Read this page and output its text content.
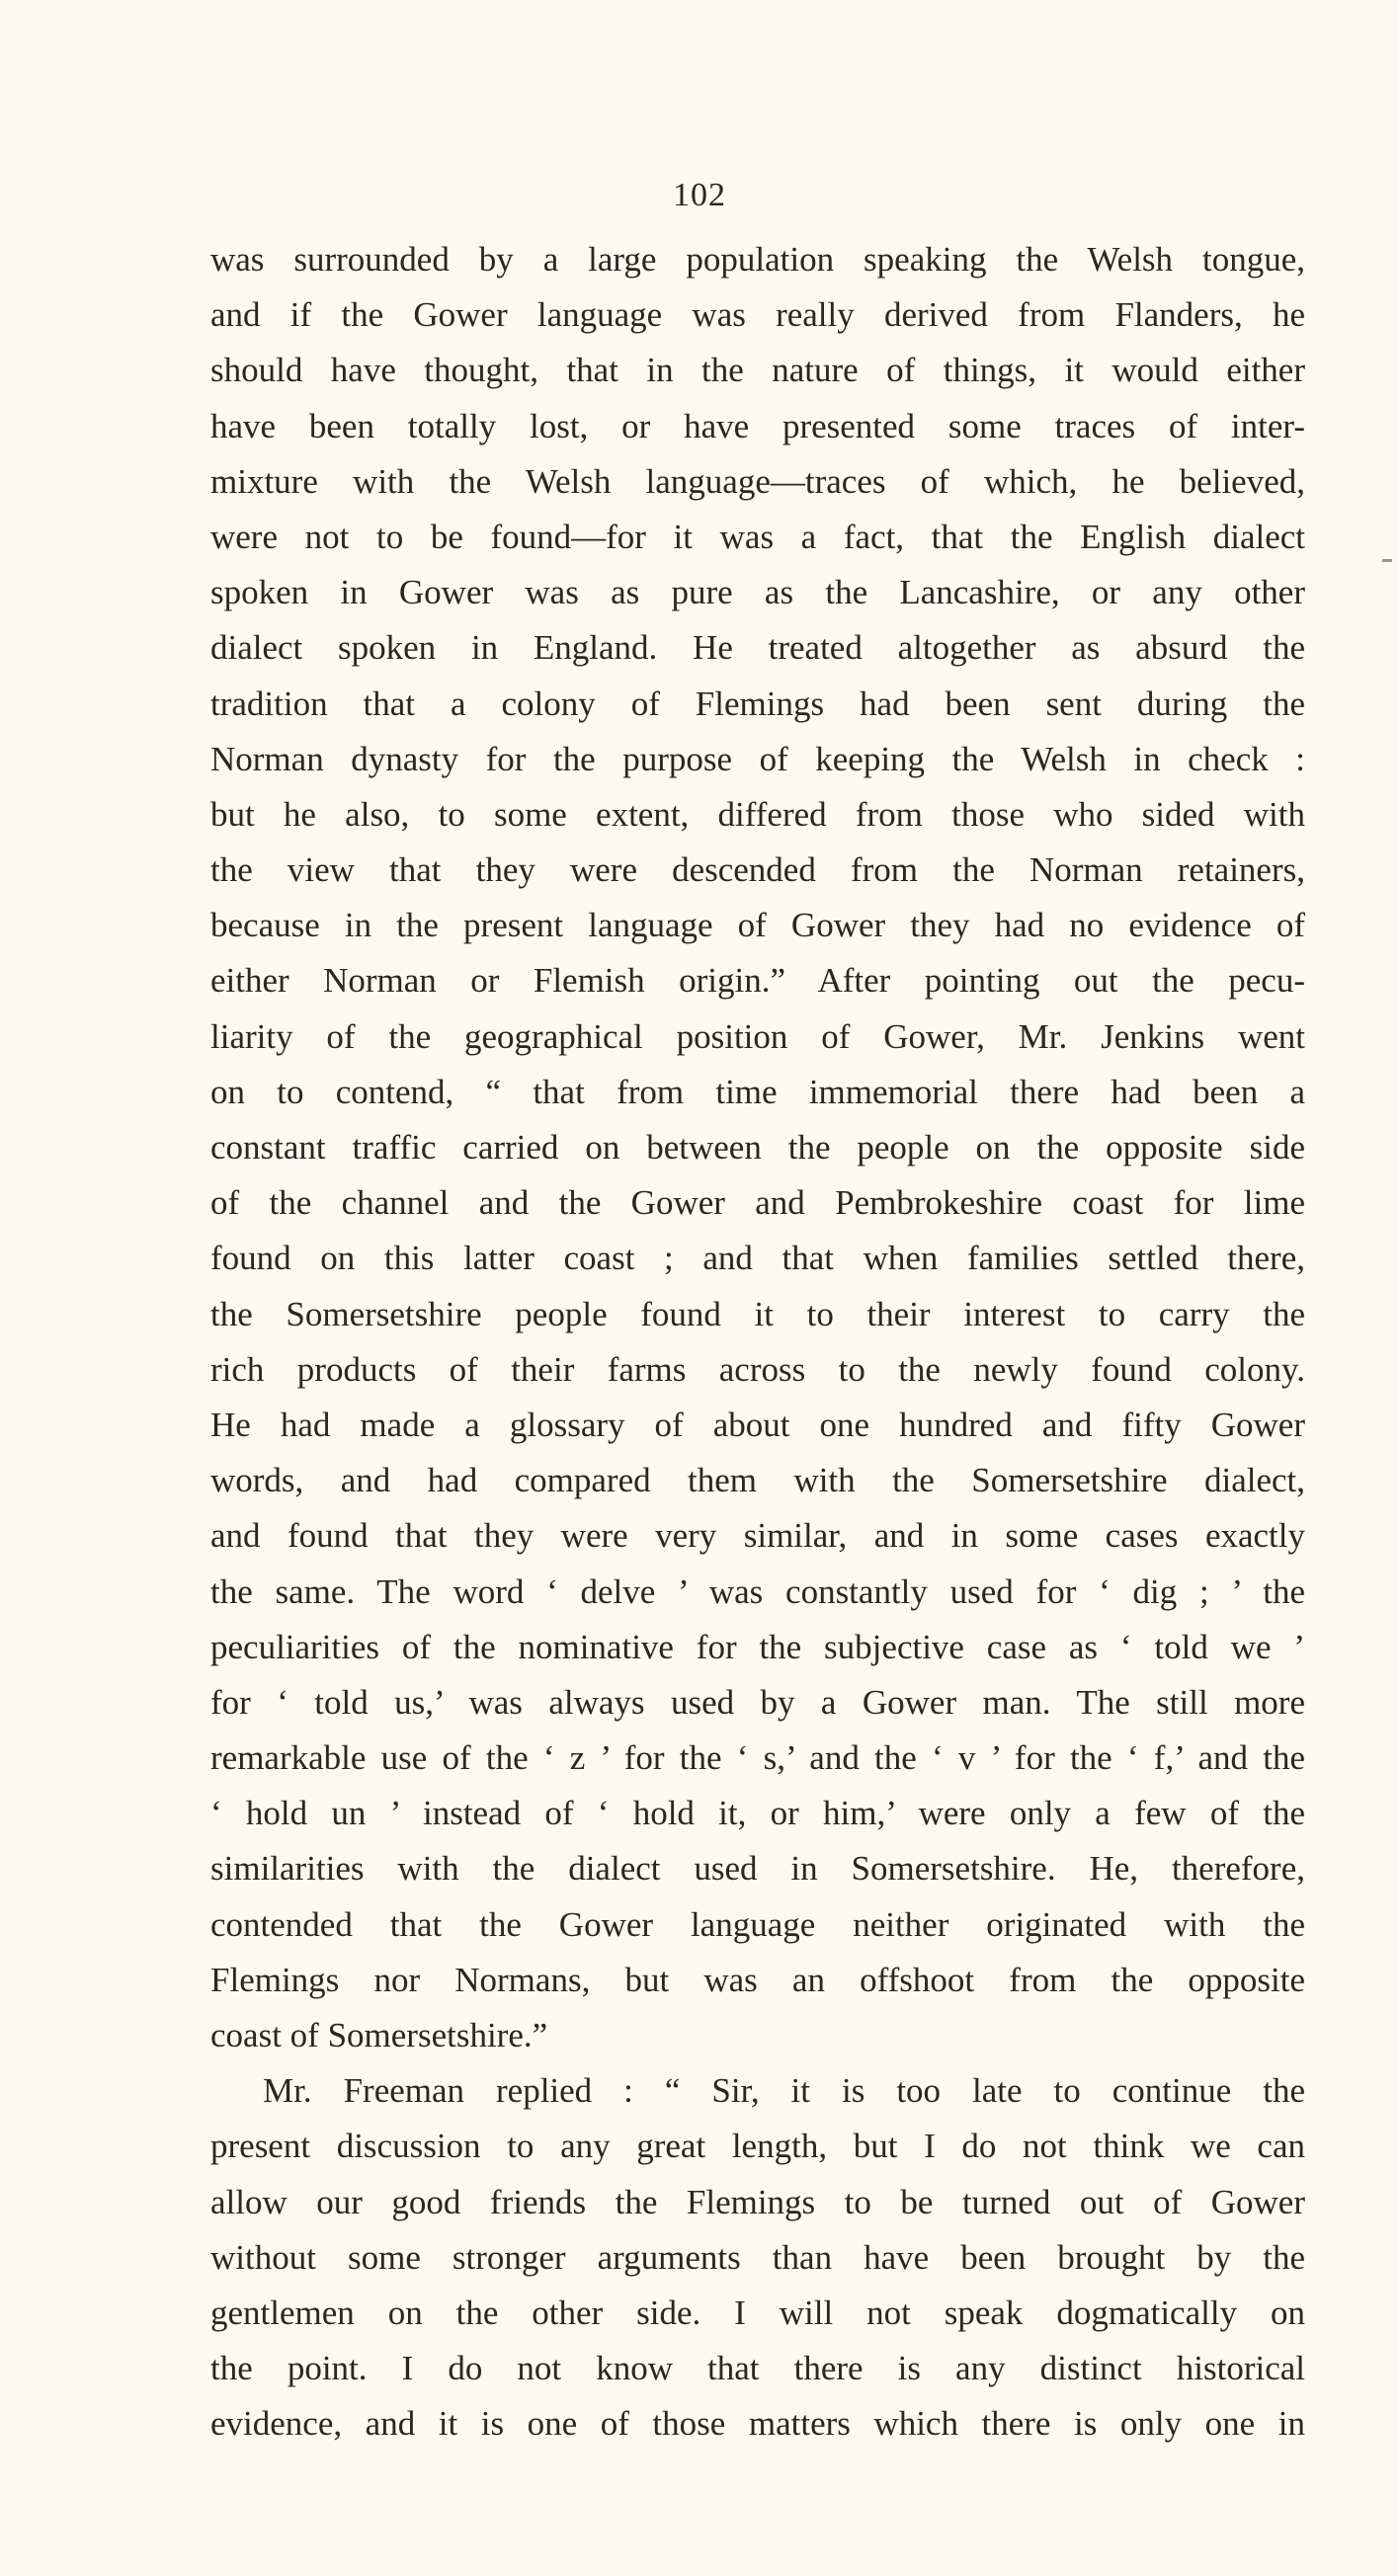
102
was surrounded by a large population speaking the Welsh tongue,
and if the Gower language was really derived from Flanders, he
should have thought, that in the nature of things, it would either
have been totally lost, or have presented some traces of inter-
mixture with the Welsh language—traces of which, he believed,
were not to be found—for it was a fact, that the English dialect
spoken in Gower was as pure as the Lancashire, or any other
dialect spoken in England. He treated altogether as absurd the
tradition that a colony of Flemings had been sent during the
Norman dynasty for the purpose of keeping the Welsh in check :
but he also, to some extent, differed from those who sided with
the view that they were descended from the Norman retainers,
because in the present language of Gower they had no evidence of
either Norman or Flemish origin.” After pointing out the pecu-
liarity of the geographical position of Gower, Mr. Jenkins went
on to contend, “ that from time immemorial there had been a
constant traffic carried on between the people on the opposite side
of the channel and the Gower and Pembrokeshire coast for lime
found on this latter coast ; and that when families settled there,
the Somersetshire people found it to their interest to carry the
rich products of their farms across to the newly found colony.
He had made a glossary of about one hundred and fifty Gower
words, and had compared them with the Somersetshire dialect,
and found that they were very similar, and in some cases exactly
the same. The word ‘ delve ’ was constantly used for ‘ dig ; ’ the
peculiarities of the nominative for the subjective case as ‘ told we ’
for ‘ told us,’ was always used by a Gower man. The still more
remarkable use of the ‘ z ’ for the ‘ s,’ and the ‘ v ’ for the ‘ f,’ and the
‘ hold un ’ instead of ‘ hold it, or him,’ were only a few of the
similarities with the dialect used in Somersetshire. He, therefore,
contended that the Gower language neither originated with the
Flemings nor Normans, but was an offshoot from the opposite
coast of Somersetshire.”
Mr. Freeman replied : “ Sir, it is too late to continue the
present discussion to any great length, but I do not think we can
allow our good friends the Flemings to be turned out of Gower
without some stronger arguments than have been brought by the
gentlemen on the other side. I will not speak dogmatically on
the point. I do not know that there is any distinct historical
evidence, and it is one of those matters which there is only one in
